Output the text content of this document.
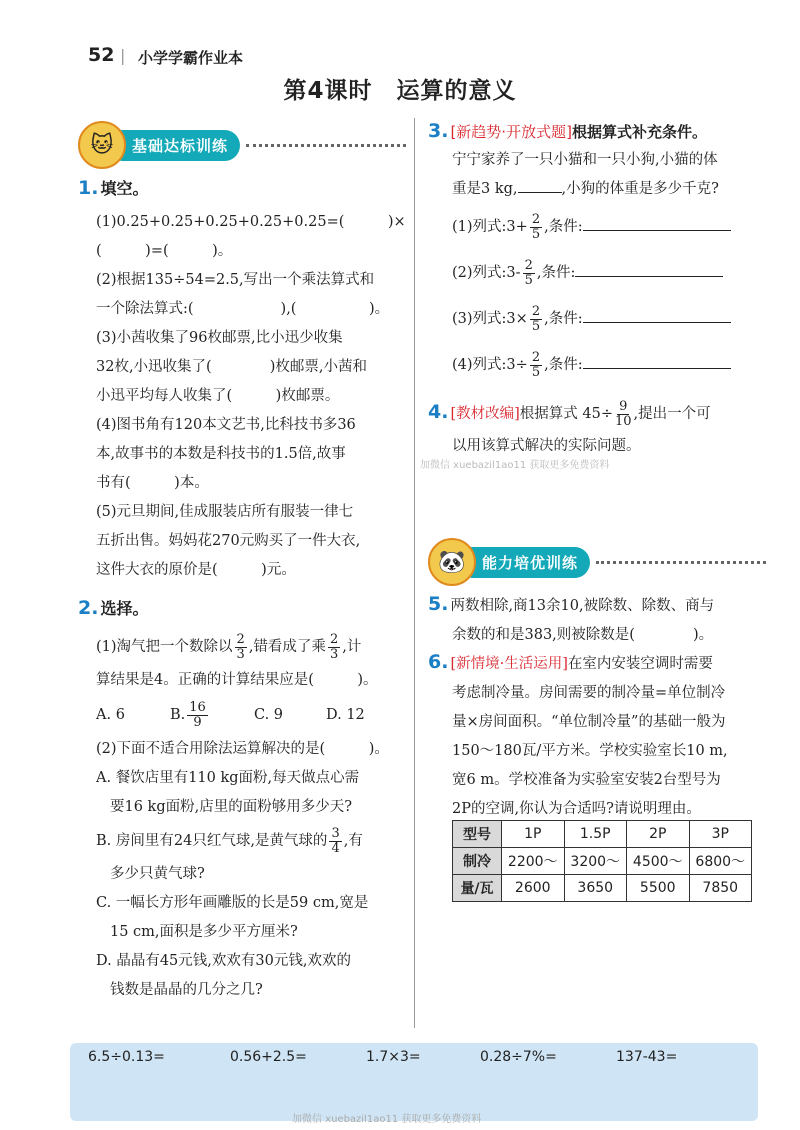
52 | 小学学霸作业本
第4课时　运算的意义
🐱	基础达标训练
1. 填空。
(1)0.25+0.25+0.25+0.25+0.25=(　　　)×
(　　　)=(　　　)。
(2)根据135÷54=2.5,写出一个乘法算式和
一个除法算式:(　　　　　　),(　　　　　)。
(3)小茜收集了96枚邮票,比小迅少收集
32枚,小迅收集了(　　　　)枚邮票,小茜和
小迅平均每人收集了(　　　)枚邮票。
(4)图书角有120本文艺书,比科技书多36
本,故事书的本数是科技书的1.5倍,故事
书有(　　　)本。
(5)元旦期间,佳成服装店所有服装一律七
五折出售。妈妈花270元购买了一件大衣,
这件大衣的原价是(　　　)元。
2. 选择。
(1)淘气把一个数除以 $\frac{2}{3}$ ,错看成了乘 $\frac{2}{3}$ ,计
算结果是4。正确的计算结果应是(　　　)。
A. 6	B. $\frac{16}{9}$	C. 9	D. 12
(2)下面不适合用除法运算解决的是(　　　)。
A. 餐饮店里有110 kg面粉,每天做点心需
要16 kg面粉,店里的面粉够用多少天?
B. 房间里有24只红气球,是黄气球的 $\frac{3}{4}$ ,有
多少只黄气球?
C. 一幅长方形年画雕版的长是59 cm,宽是
15 cm,面积是多少平方厘米?
D. 晶晶有45元钱,欢欢有30元钱,欢欢的
钱数是晶晶的几分之几?
3. [新趋势·开放式题]根据算式补充条件。
宁宁家养了一只小猫和一只小狗,小猫的体
重是3 kg,	,小狗的体重是多少千克?
(1)列式:3+ $\frac{2}{5}$ ,条件:
(2)列式:3- $\frac{2}{5}$ ,条件:
(3)列式:3× $\frac{2}{5}$ ,条件:
(4)列式:3÷ $\frac{2}{5}$ ,条件:
4. [教材改编]根据算式 $45\div \frac{9}{10}$ ,提出一个可
以用该算式解决的实际问题。
加微信 xuebazil1ao11 获取更多免费资料
🐼	能力培优训练
5. 两数相除,商13余10,被除数、除数、商与
余数的和是383,则被除数是(　　　　)。
6. [新情境·生活运用]在室内安装空调时需要
考虑制冷量。房间需要的制冷量=单位制冷
量×房间面积。“单位制冷量”的基础一般为
150～180瓦/平方米。学校实验室长10 m,
宽6 m。学校准备为实验室安装2台型号为
2P的空调,你认为合适吗?请说明理由。
型号	1P	1.5P	2P	3P
制冷	2200～	3200～	4500～	6800～
量/瓦	2600	3650	5500	7850
6.5÷0.13=	0.56+2.5=	1.7×3=	0.28÷7%=	137-43=
加微信 xuebazil1ao11 获取更多免费资料
